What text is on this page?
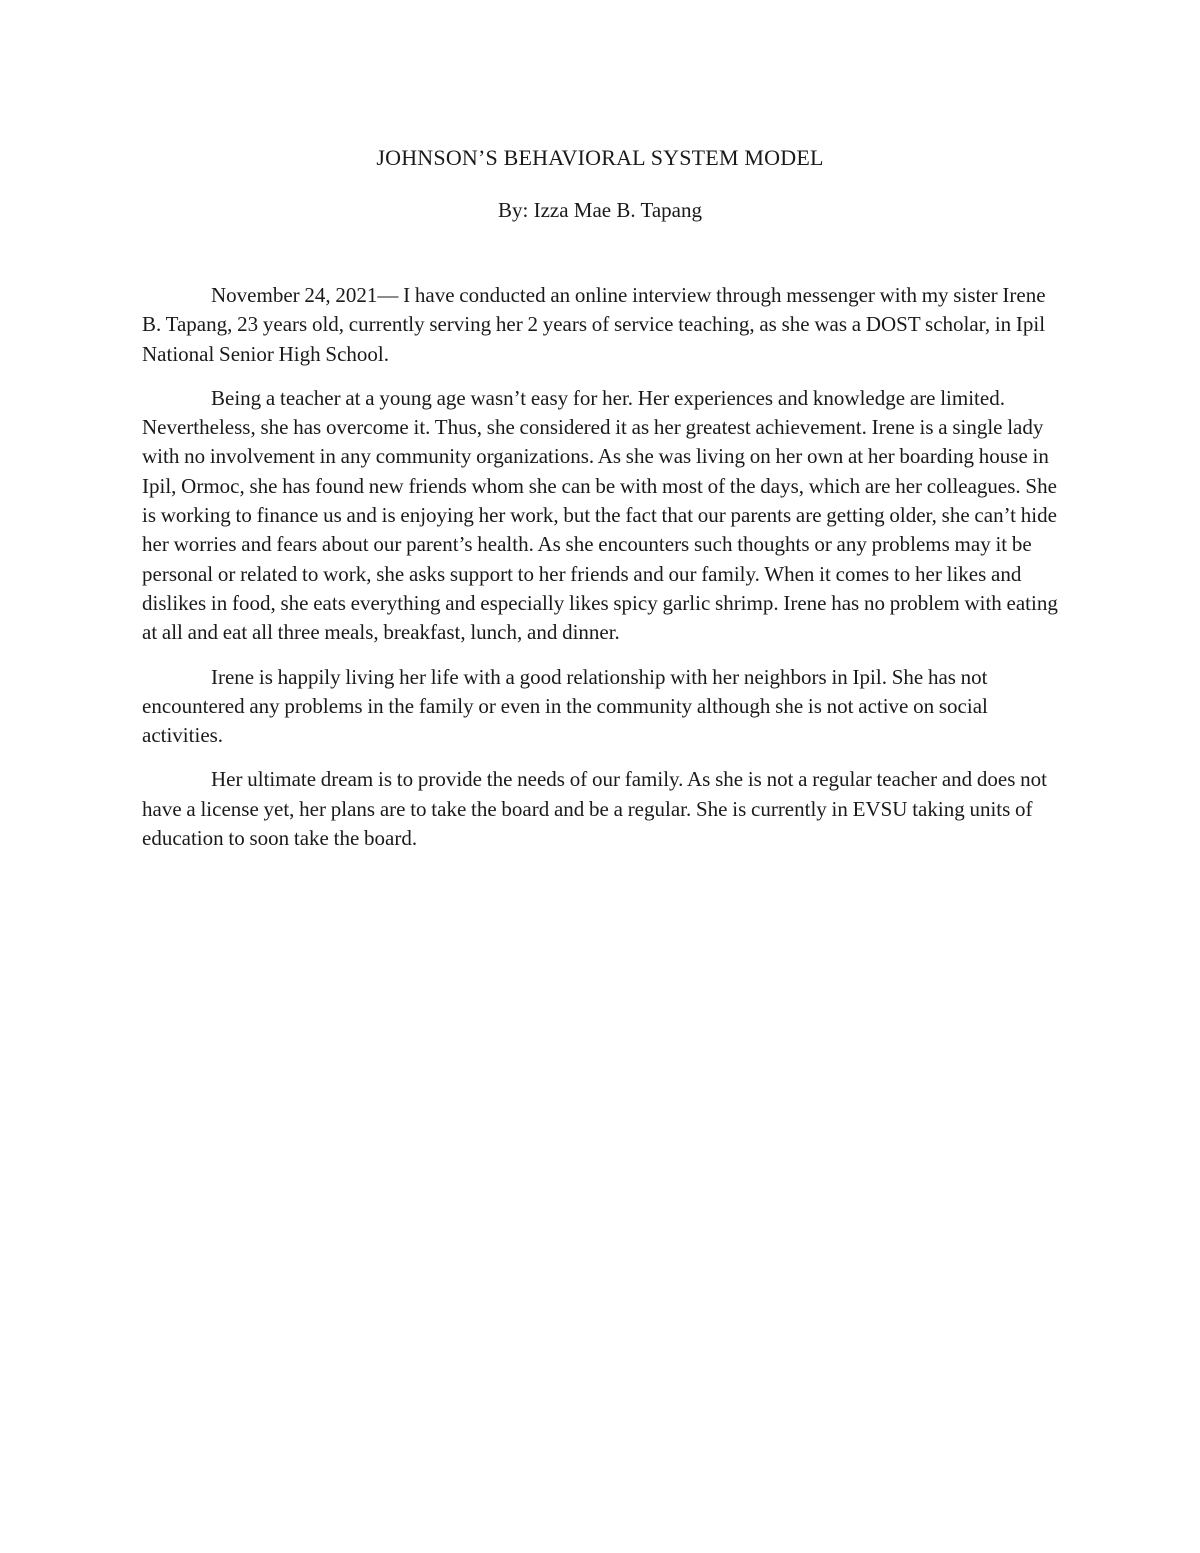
JOHNSON’S BEHAVIORAL SYSTEM MODEL
By: Izza Mae B. Tapang

November 24, 2021— I have conducted an online interview through messenger with my sister Irene B. Tapang, 23 years old, currently serving her 2 years of service teaching, as she was a DOST scholar, in Ipil National Senior High School.

Being a teacher at a young age wasn’t easy for her. Her experiences and knowledge are limited. Nevertheless, she has overcome it. Thus, she considered it as her greatest achievement. Irene is a single lady with no involvement in any community organizations. As she was living on her own at her boarding house in Ipil, Ormoc, she has found new friends whom she can be with most of the days, which are her colleagues. She is working to finance us and is enjoying her work, but the fact that our parents are getting older, she can’t hide her worries and fears about our parent’s health. As she encounters such thoughts or any problems may it be personal or related to work, she asks support to her friends and our family. When it comes to her likes and dislikes in food, she eats everything and especially likes spicy garlic shrimp. Irene has no problem with eating at all and eat all three meals, breakfast, lunch, and dinner.

Irene is happily living her life with a good relationship with her neighbors in Ipil. She has not encountered any problems in the family or even in the community although she is not active on social activities.

Her ultimate dream is to provide the needs of our family. As she is not a regular teacher and does not have a license yet, her plans are to take the board and be a regular. She is currently in EVSU taking units of education to soon take the board.
